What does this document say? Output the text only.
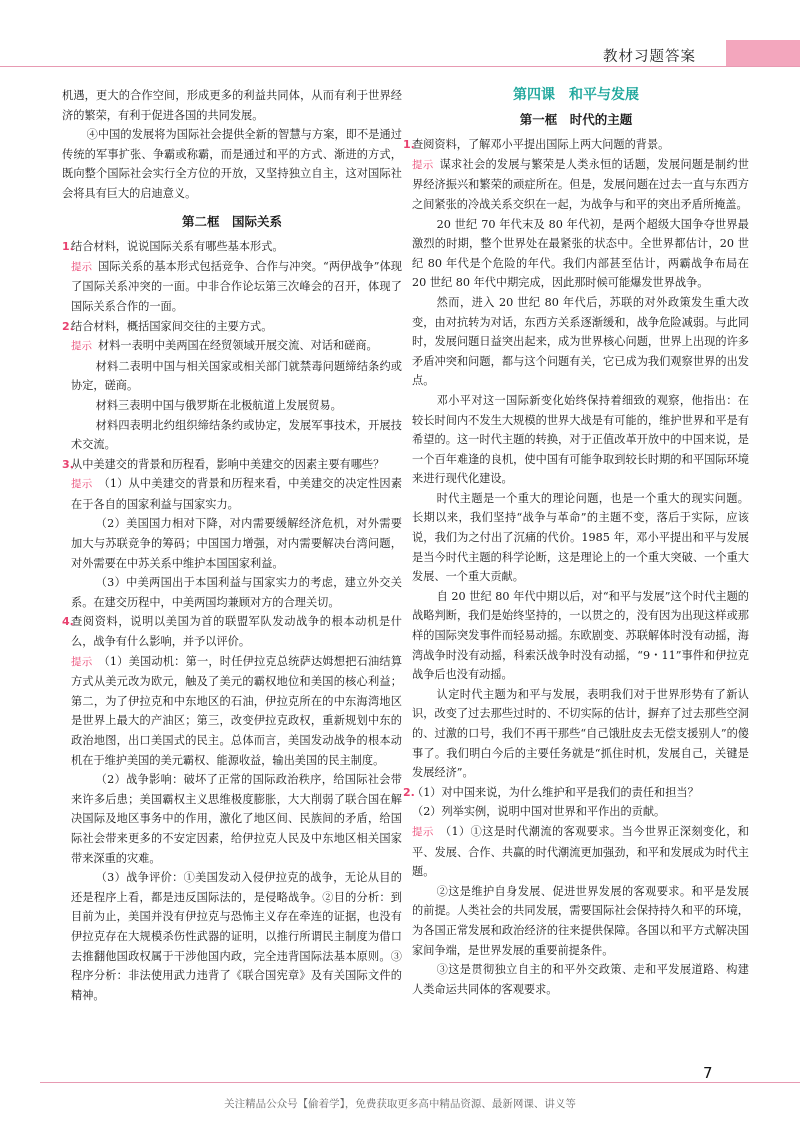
教材习题答案

机遇，更大的合作空间，形成更多的利益共同体，从而有利于世界经济的繁荣，有利于促进各国的共同发展。

④中国的发展将为国际社会提供全新的智慧与方案，即不是通过传统的军事扩张、争霸或称霸，而是通过和平的方式、渐进的方式，既向整个国际社会实行全方位的开放，又坚持独立自主，这对国际社会将具有巨大的启迪意义。

第二框　国际关系

1.
结合材料，说说国际关系有哪些基本形式。

提示 国际关系的基本形式包括竞争、合作与冲突。“两伊战争”体现了国际关系冲突的一面。中非合作论坛第三次峰会的召开，体现了国际关系合作的一面。

2.
结合材料，概括国家间交往的主要方式。

提示 材料一表明中美两国在经贸领域开展交流、对话和磋商。

材料二表明中国与相关国家或相关部门就禁毒问题缔结条约或协定，磋商。

材料三表明中国与俄罗斯在北极航道上发展贸易。

材料四表明北约组织缔结条约或协定，发展军事技术，开展技术交流。

3.
从中美建交的背景和历程看，影响中美建交的因素主要有哪些？

提示 （1）从中美建交的背景和历程来看，中美建交的决定性因素在于各自的国家利益与国家实力。

（2）美国国力相对下降，对内需要缓解经济危机，对外需要加大与苏联竞争的筹码；中国国力增强，对内需要解决台湾问题，对外需要在中苏关系中维护本国国家利益。

（3）中美两国出于本国利益与国家实力的考虑，建立外交关系。在建交历程中，中美两国均兼顾对方的合理关切。

4.
查阅资料，说明以美国为首的联盟军队发动战争的根本动机是什么，战争有什么影响，并予以评价。

提示 （1）美国动机：第一，时任伊拉克总统萨达姆想把石油结算方式从美元改为欧元，触及了美元的霸权地位和美国的核心利益；第二，为了伊拉克和中东地区的石油，伊拉克所在的中东海湾地区是世界上最大的产油区；第三，改变伊拉克政权，重新规划中东的政治地图，出口美国式的民主。总体而言，美国发动战争的根本动机在于维护美国的美元霸权、能源收益，输出美国的民主制度。

（2）战争影响：破坏了正常的国际政治秩序，给国际社会带来许多后患；美国霸权主义思维极度膨胀，大大削弱了联合国在解决国际及地区事务中的作用，激化了地区间、民族间的矛盾，给国际社会带来更多的不安定因素，给伊拉克人民及中东地区相关国家带来深重的灾难。

（3）战争评价：①美国发动入侵伊拉克的战争，无论从目的还是程序上看，都是违反国际法的，是侵略战争。②目的分析：到目前为止，美国并没有伊拉克与恐怖主义存在牵连的证据，也没有伊拉克存在大规模杀伤性武器的证明，以推行所谓民主制度为借口去推翻他国政权属于干涉他国内政，完全违背国际法基本原则。③程序分析：非法使用武力违背了《联合国宪章》及有关国际文件的精神。

第四课　和平与发展
第一框　时代的主题

1.
查阅资料，了解邓小平提出国际上两大问题的背景。

提示 谋求社会的发展与繁荣是人类永恒的话题，发展问题是制约世界经济振兴和繁荣的顽症所在。但是，发展问题在过去一直与东西方之间紧张的冷战关系交织在一起，为战争与和平的突出矛盾所掩盖。

20 世纪 70 年代末及 80 年代初，是两个超级大国争夺世界最激烈的时期，整个世界处在最紧张的状态中。全世界都估计，20 世纪 80 年代是个危险的年代。我们内部甚至估计，两霸战争布局在 20 世纪 80 年代中期完成，因此那时候可能爆发世界战争。

然而，进入 20 世纪 80 年代后，苏联的对外政策发生重大改变，由对抗转为对话，东西方关系逐渐缓和，战争危险减弱。与此同时，发展问题日益突出起来，成为世界核心问题，世界上出现的许多矛盾冲突和问题，都与这个问题有关，它已成为我们观察世界的出发点。

邓小平对这一国际新变化始终保持着细致的观察，他指出：在较长时间内不发生大规模的世界大战是有可能的，维护世界和平是有希望的。这一时代主题的转换，对于正值改革开放中的中国来说，是一个百年难逢的良机，使中国有可能争取到较长时期的和平国际环境来进行现代化建设。

时代主题是一个重大的理论问题，也是一个重大的现实问题。长期以来，我们坚持“战争与革命”的主题不变，落后于实际，应该说，我们为之付出了沉痛的代价。1985 年，邓小平提出和平与发展是当今时代主题的科学论断，这是理论上的一个重大突破、一个重大发展、一个重大贡献。

自 20 世纪 80 年代中期以后，对“和平与发展”这个时代主题的战略判断，我们是始终坚持的，一以贯之的，没有因为出现这样或那样的国际突发事件而轻易动摇。东欧剧变、苏联解体时没有动摇，海湾战争时没有动摇，科索沃战争时没有动摇，“9・11”事件和伊拉克战争后也没有动摇。

认定时代主题为和平与发展，表明我们对于世界形势有了新认识，改变了过去那些过时的、不切实际的估计，摒弃了过去那些空洞的、过激的口号，我们不再干那些“自己饿肚皮去无偿支援别人”的傻事了。我们明白今后的主要任务就是“抓住时机，发展自己，关键是发展经济”。

2.
（1）对中国来说，为什么维护和平是我们的责任和担当？

（2）列举实例，说明中国对世界和平作出的贡献。

提示 （1）①这是时代潮流的客观要求。当今世界正深刻变化，和平、发展、合作、共赢的时代潮流更加强劲，和平和发展成为时代主题。

②这是维护自身发展、促进世界发展的客观要求。和平是发展的前提。人类社会的共同发展，需要国际社会保持持久和平的环境，为各国正常发展和政治经济的往来提供保障。各国以和平方式解决国家间争端，是世界发展的重要前提条件。

③这是贯彻独立自主的和平外交政策、走和平发展道路、构建人类命运共同体的客观要求。

7
关注精品公众号【偷着学】，免费获取更多高中精品资源、最新网课、讲义等
